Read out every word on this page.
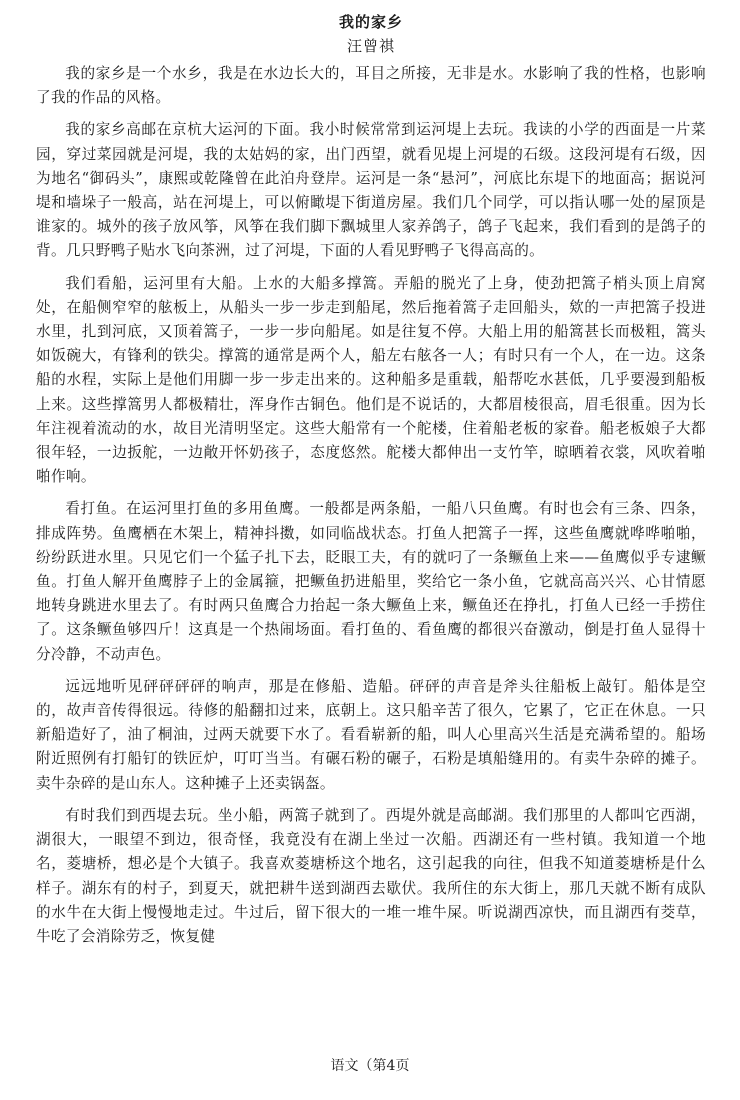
我的家乡
汪曾祺

我的家乡是一个水乡，我是在水边长大的，耳目之所接，无非是水。水影响了我的性格，也影响了我的作品的风格。

我的家乡高邮在京杭大运河的下面。我小时候常常到运河堤上去玩。我读的小学的西面是一片菜园，穿过菜园就是河堤，我的太姑妈的家，出门西望，就看见堤上河堤的石级。这段河堤有石级，因为地名“御码头”，康熙或乾隆曾在此泊舟登岸。运河是一条“悬河”，河底比东堤下的地面高；据说河堤和墙垛子一般高，站在河堤上，可以俯瞰堤下街道房屋。我们几个同学，可以指认哪一处的屋顶是谁家的。城外的孩子放风筝，风筝在我们脚下飘城里人家养鸽子，鸽子飞起来，我们看到的是鸽子的背。几只野鸭子贴水飞向茶洲，过了河堤，下面的人看见野鸭子飞得高高的。

我们看船，运河里有大船。上水的大船多撑篙。弄船的脱光了上身，使劲把篙子梢头顶上肩窝处，在船侧窄窄的舷板上，从船头一步一步走到船尾，然后拖着篙子走回船头，欸的一声把篙子投进水里，扎到河底，又顶着篙子，一步一步向船尾。如是往复不停。大船上用的船篙甚长而极粗，篙头如饭碗大，有锋利的铁尖。撑篙的通常是两个人，船左右舷各一人；有时只有一个人，在一边。这条船的水程，实际上是他们用脚一步一步走出来的。这种船多是重载，船帮吃水甚低，几乎要漫到船板上来。这些撑篙男人都极精壮，浑身作古铜色。他们是不说话的，大都眉棱很高，眉毛很重。因为长年注视着流动的水，故目光清明坚定。这些大船常有一个舵楼，住着船老板的家眷。船老板娘子大都很年轻，一边扳舵，一边敞开怀奶孩子，态度悠然。舵楼大都伸出一支竹竿，晾晒着衣裳，风吹着啪啪作响。

看打鱼。在运河里打鱼的多用鱼鹰。一般都是两条船，一船八只鱼鹰。有时也会有三条、四条，排成阵势。鱼鹰栖在木架上，精神抖擞，如同临战状态。打鱼人把篙子一挥，这些鱼鹰就哗哗啪啪，纷纷跃进水里。只见它们一个猛子扎下去，眨眼工夫，有的就叼了一条鳜鱼上来——鱼鹰似乎专逮鳜鱼。打鱼人解开鱼鹰脖子上的金属箍，把鳜鱼扔进船里，奖给它一条小鱼，它就高高兴兴、心甘情愿地转身跳进水里去了。有时两只鱼鹰合力抬起一条大鳜鱼上来，鳜鱼还在挣扎，打鱼人已经一手捞住了。这条鳜鱼够四斤！这真是一个热闹场面。看打鱼的、看鱼鹰的都很兴奋激动，倒是打鱼人显得十分冷静，不动声色。

远远地听见砰砰砰砰的响声，那是在修船、造船。砰砰的声音是斧头往船板上敲钉。船体是空的，故声音传得很远。待修的船翻扣过来，底朝上。这只船辛苦了很久，它累了，它正在休息。一只新船造好了，油了桐油，过两天就要下水了。看看崭新的船，叫人心里高兴生活是充满希望的。船场附近照例有打船钉的铁匠炉，叮叮当当。有碾石粉的碾子，石粉是填船缝用的。有卖牛杂碎的摊子。卖牛杂碎的是山东人。这种摊子上还卖锅盔。

有时我们到西堤去玩。坐小船，两篙子就到了。西堤外就是高邮湖。我们那里的人都叫它西湖，湖很大，一眼望不到边，很奇怪，我竟没有在湖上坐过一次船。西湖还有一些村镇。我知道一个地名，菱塘桥，想必是个大镇子。我喜欢菱塘桥这个地名，这引起我的向往，但我不知道菱塘桥是什么样子。湖东有的村子，到夏天，就把耕牛送到湖西去歇伏。我所住的东大街上，那几天就不断有成队的水牛在大街上慢慢地走过。牛过后，留下很大的一堆一堆牛屎。听说湖西凉快，而且湖西有茭草，牛吃了会消除劳乏，恢复健

语文（第4页
